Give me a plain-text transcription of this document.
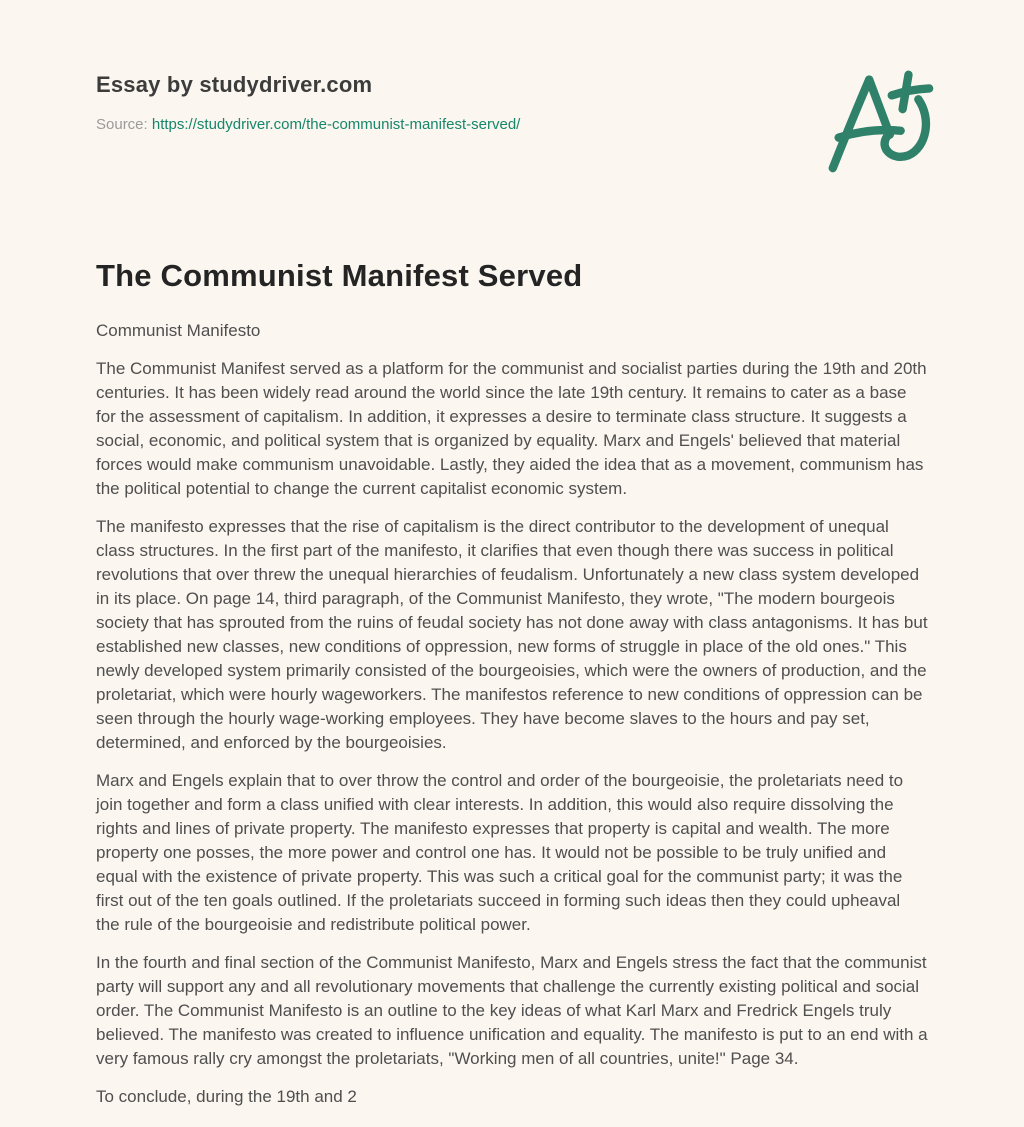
Essay by studydriver.com
Source: https://studydriver.com/the-communist-manifest-served/
The Communist Manifest Served

Communist Manifesto

The Communist Manifest served as a platform for the communist and socialist parties during the 19th and 20th centuries. It has been widely read around the world since the late 19th century. It remains to cater as a base for the assessment of capitalism. In addition, it expresses a desire to terminate class structure. It suggests a social, economic, and political system that is organized by equality. Marx and Engels' believed that material forces would make communism unavoidable. Lastly, they aided the idea that as a movement, communism has the political potential to change the current capitalist economic system.

The manifesto expresses that the rise of capitalism is the direct contributor to the development of unequal class structures. In the first part of the manifesto, it clarifies that even though there was success in political revolutions that over threw the unequal hierarchies of feudalism. Unfortunately a new class system developed in its place. On page 14, third paragraph, of the Communist Manifesto, they wrote, "The modern bourgeois society that has sprouted from the ruins of feudal society has not done away with class antagonisms. It has but established new classes, new conditions of oppression, new forms of struggle in place of the old ones." This newly developed system primarily consisted of the bourgeoisies, which were the owners of production, and the proletariat, which were hourly wageworkers. The manifestos reference to new conditions of oppression can be seen through the hourly wage-working employees. They have become slaves to the hours and pay set, determined, and enforced by the bourgeoisies.

Marx and Engels explain that to over throw the control and order of the bourgeoisie, the proletariats need to join together and form a class unified with clear interests. In addition, this would also require dissolving the rights and lines of private property. The manifesto expresses that property is capital and wealth. The more property one posses, the more power and control one has. It would not be possible to be truly unified and equal with the existence of private property. This was such a critical goal for the communist party; it was the first out of the ten goals outlined. If the proletariats succeed in forming such ideas then they could upheaval the rule of the bourgeoisie and redistribute political power.

In the fourth and final section of the Communist Manifesto, Marx and Engels stress the fact that the communist party will support any and all revolutionary movements that challenge the currently existing political and social order. The Communist Manifesto is an outline to the key ideas of what Karl Marx and Fredrick Engels truly believed. The manifesto was created to influence unification and equality. The manifesto is put to an end with a very famous rally cry amongst the proletariats, "Working men of all countries, unite!" Page 34.

To conclude, during the 19th and 2
